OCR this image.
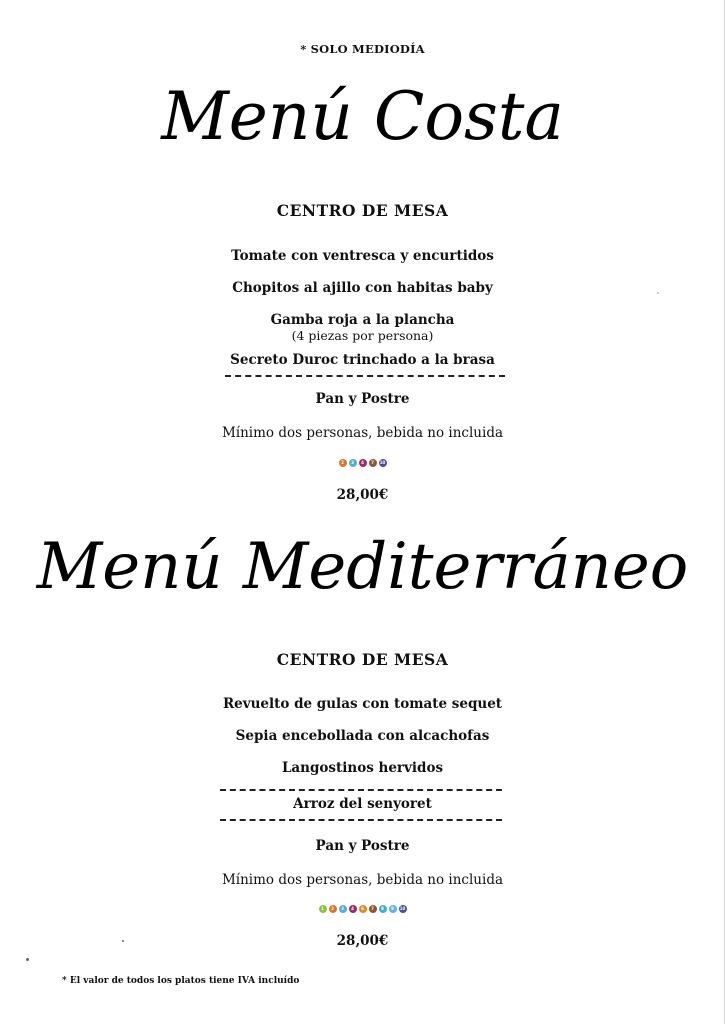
* SOLO MEDIODÍA
Menú Costa
CENTRO DE MESA
Tomate con ventresca y encurtidos
Chopitos al ajillo con habitas baby
Gamba roja a la plancha
(4 piezas por persona)
Secreto Duroc trinchado a la brasa
Pan y Postre
Mínimo dos personas, bebida no incluida
2	3	4	7	10
28,00€
Menú Mediterráneo
CENTRO DE MESA
Revuelto de gulas con tomate sequet
Sepia encebollada con alcachofas
Langostinos hervidos
Arroz del senyoret
Pan y Postre
Mínimo dos personas, bebida no incluida
1	2	3	4	6	7	8	9	10
28,00€
* El valor de todos los platos tiene IVA incluído
